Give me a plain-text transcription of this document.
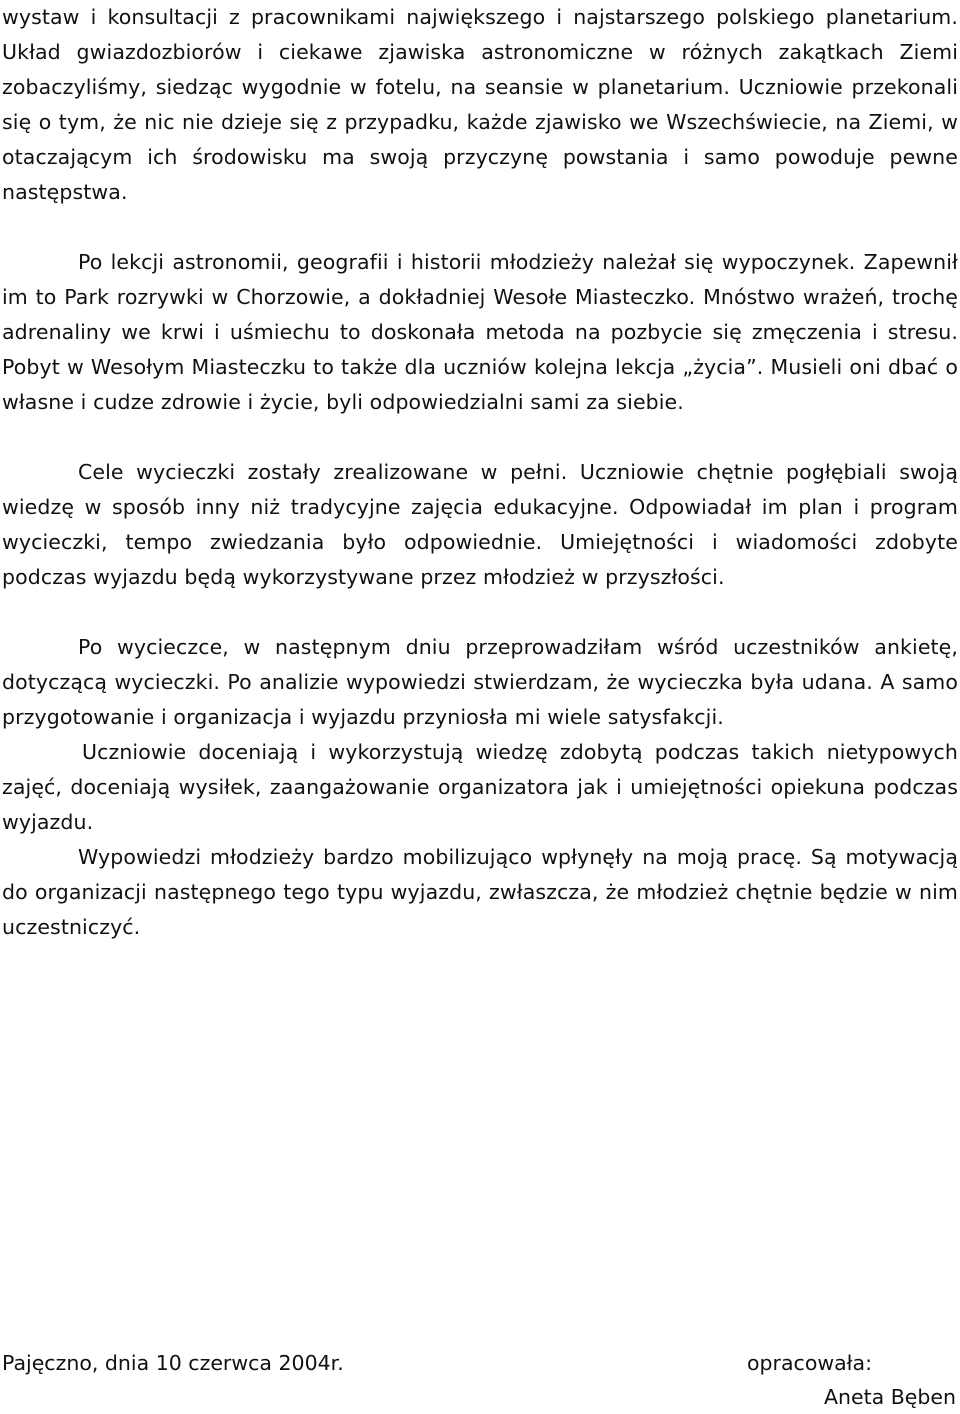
wystaw i konsultacji z pracownikami największego i najstarszego polskiego planetarium. Układ gwiazdozbiorów i ciekawe zjawiska astronomiczne w różnych zakątkach Ziemi zobaczyliśmy, siedząc wygodnie w fotelu, na seansie w planetarium. Uczniowie przekonali się o tym, że nic nie dzieje się z przypadku, każde zjawisko we Wszechświecie, na Ziemi, w otaczającym ich środowisku ma swoją przyczynę powstania i samo powoduje pewne następstwa.

Po lekcji astronomii, geografii i historii młodzieży należał się wypoczynek. Zapewnił im to Park rozrywki w Chorzowie, a dokładniej Wesołe Miasteczko. Mnóstwo wrażeń, trochę adrenaliny we krwi i uśmiechu to doskonała metoda na pozbycie się zmęczenia i stresu. Pobyt w Wesołym Miasteczku to także dla uczniów kolejna lekcja „życia”. Musieli oni dbać o własne i cudze zdrowie i życie, byli odpowiedzialni sami za siebie.

Cele wycieczki zostały zrealizowane w pełni. Uczniowie chętnie pogłębiali swoją wiedzę w sposób inny niż tradycyjne zajęcia edukacyjne. Odpowiadał im plan i program wycieczki, tempo zwiedzania było odpowiednie. Umiejętności i wiadomości zdobyte podczas wyjazdu będą wykorzystywane przez młodzież w przyszłości.

Po wycieczce, w następnym dniu przeprowadziłam wśród uczestników ankietę, dotyczącą wycieczki. Po analizie wypowiedzi stwierdzam, że wycieczka była udana. A samo przygotowanie i organizacja i wyjazdu przyniosła mi wiele satysfakcji.

Uczniowie doceniają i wykorzystują wiedzę zdobytą podczas takich nietypowych zajęć, doceniają wysiłek, zaangażowanie organizatora jak i umiejętności opiekuna podczas wyjazdu.

Wypowiedzi młodzieży bardzo mobilizująco wpłynęły na moją pracę. Są motywacją do organizacji następnego tego typu wyjazdu, zwłaszcza, że młodzież chętnie będzie w nim uczestniczyć.

Pajęczno, dnia 10 czerwca 2004r.	opracowała:
Aneta Bęben
